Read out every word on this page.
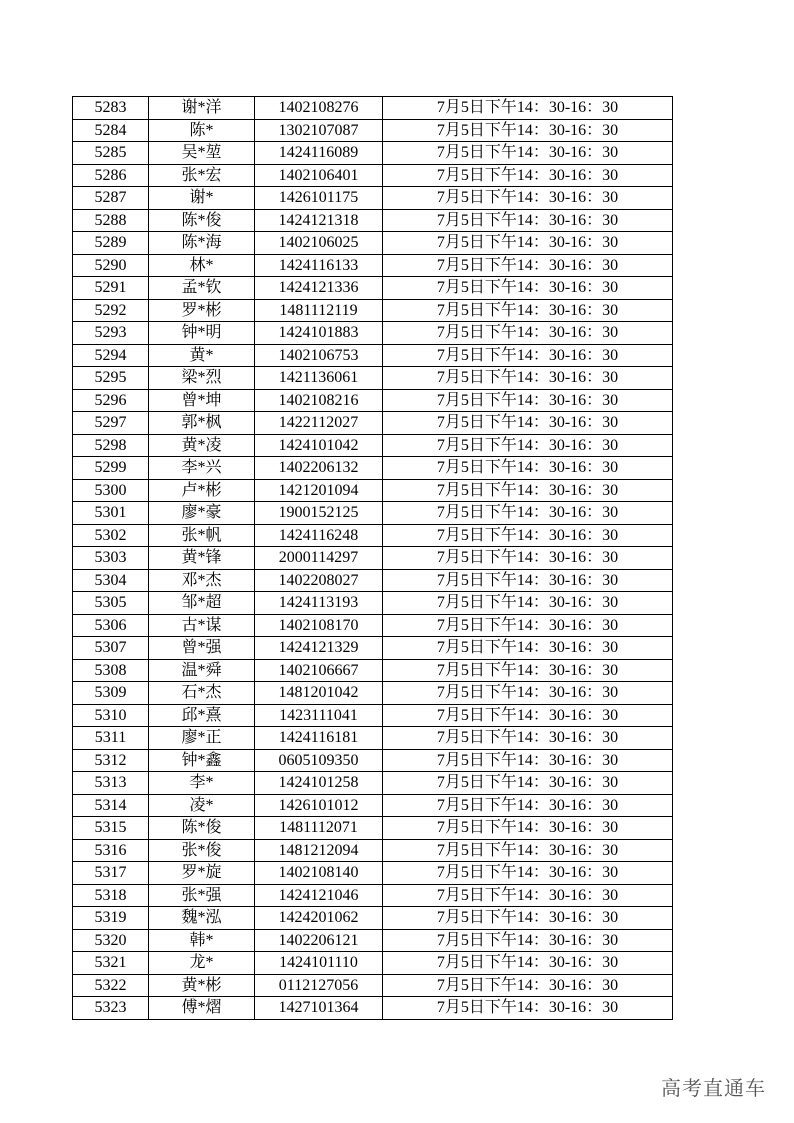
5283	谢*洋	1402108276	7月5日下午14：30-16：30
5284	陈*	1302107087	7月5日下午14：30-16：30
5285	吴*堃	1424116089	7月5日下午14：30-16：30
5286	张*宏	1402106401	7月5日下午14：30-16：30
5287	谢*	1426101175	7月5日下午14：30-16：30
5288	陈*俊	1424121318	7月5日下午14：30-16：30
5289	陈*海	1402106025	7月5日下午14：30-16：30
5290	林*	1424116133	7月5日下午14：30-16：30
5291	孟*钦	1424121336	7月5日下午14：30-16：30
5292	罗*彬	1481112119	7月5日下午14：30-16：30
5293	钟*明	1424101883	7月5日下午14：30-16：30
5294	黄*	1402106753	7月5日下午14：30-16：30
5295	梁*烈	1421136061	7月5日下午14：30-16：30
5296	曾*坤	1402108216	7月5日下午14：30-16：30
5297	郭*枫	1422112027	7月5日下午14：30-16：30
5298	黄*凌	1424101042	7月5日下午14：30-16：30
5299	李*兴	1402206132	7月5日下午14：30-16：30
5300	卢*彬	1421201094	7月5日下午14：30-16：30
5301	廖*豪	1900152125	7月5日下午14：30-16：30
5302	张*帆	1424116248	7月5日下午14：30-16：30
5303	黄*锋	2000114297	7月5日下午14：30-16：30
5304	邓*杰	1402208027	7月5日下午14：30-16：30
5305	邹*超	1424113193	7月5日下午14：30-16：30
5306	古*谋	1402108170	7月5日下午14：30-16：30
5307	曾*强	1424121329	7月5日下午14：30-16：30
5308	温*舜	1402106667	7月5日下午14：30-16：30
5309	石*杰	1481201042	7月5日下午14：30-16：30
5310	邱*熹	1423111041	7月5日下午14：30-16：30
5311	廖*正	1424116181	7月5日下午14：30-16：30
5312	钟*鑫	0605109350	7月5日下午14：30-16：30
5313	李*	1424101258	7月5日下午14：30-16：30
5314	凌*	1426101012	7月5日下午14：30-16：30
5315	陈*俊	1481112071	7月5日下午14：30-16：30
5316	张*俊	1481212094	7月5日下午14：30-16：30
5317	罗*旋	1402108140	7月5日下午14：30-16：30
5318	张*强	1424121046	7月5日下午14：30-16：30
5319	魏*泓	1424201062	7月5日下午14：30-16：30
5320	韩*	1402206121	7月5日下午14：30-16：30
5321	龙*	1424101110	7月5日下午14：30-16：30
5322	黄*彬	0112127056	7月5日下午14：30-16：30
5323	傅*熠	1427101364	7月5日下午14：30-16：30
高考直通车
